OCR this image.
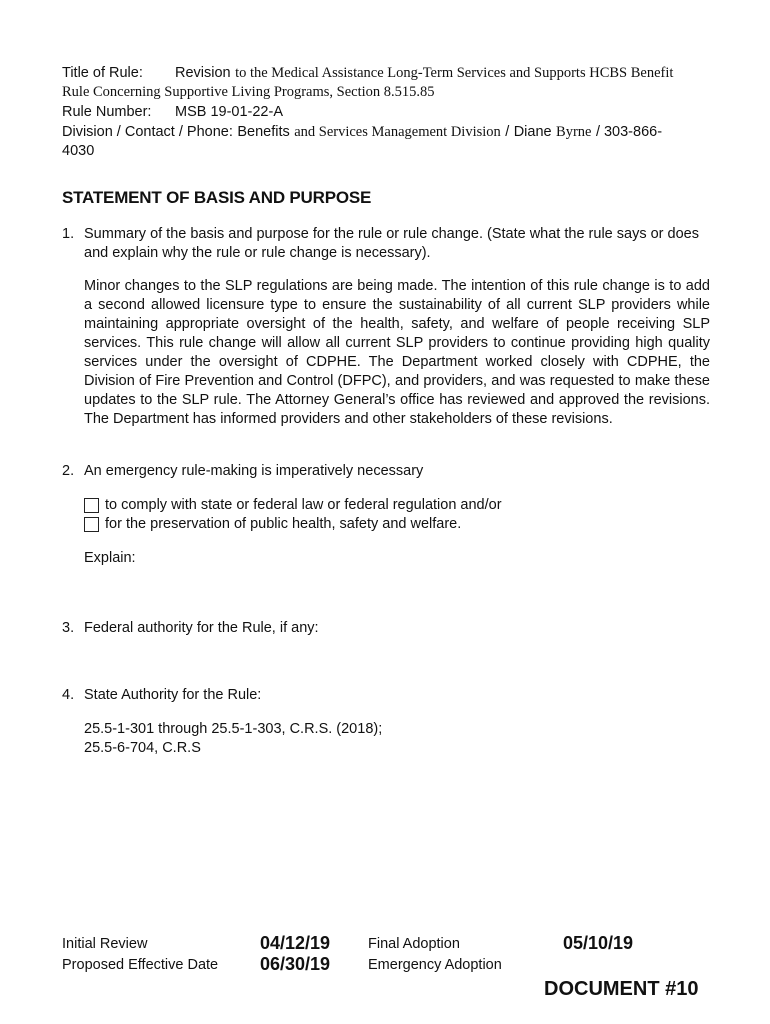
Title of Rule: Revision to the Medical Assistance Long-Term Services and Supports HCBS Benefit
Rule Concerning Supportive Living Programs, Section 8.515.85
Rule Number: MSB 19-01-22-A
Division / Contact / Phone: Benefits and Services Management Division / Diane Byrne / 303-866-
4030
STATEMENT OF BASIS AND PURPOSE
1. Summary of the basis and purpose for the rule or rule change. (State what the rule says or does and explain why the rule or rule change is necessary).
Minor changes to the SLP regulations are being made. The intention of this rule change is to add a second allowed licensure type to ensure the sustainability of all current SLP providers while maintaining appropriate oversight of the health, safety, and welfare of people receiving SLP services. This rule change will allow all current SLP providers to continue providing high quality services under the oversight of CDPHE. The Department worked closely with CDPHE, the Division of Fire Prevention and Control (DFPC), and providers, and was requested to make these updates to the SLP rule. The Attorney General’s office has reviewed and approved the revisions. The Department has informed providers and other stakeholders of these revisions.
2. An emergency rule-making is imperatively necessary
to comply with state or federal law or federal regulation and/or
for the preservation of public health, safety and welfare.
Explain:
3. Federal authority for the Rule, if any:
4. State Authority for the Rule:
25.5-1-301 through 25.5-1-303, C.R.S. (2018);
25.5-6-704, C.R.S
Initial Review	04/12/19	Final Adoption	05/10/19
Proposed Effective Date 06/30/19	Emergency Adoption
DOCUMENT #10
